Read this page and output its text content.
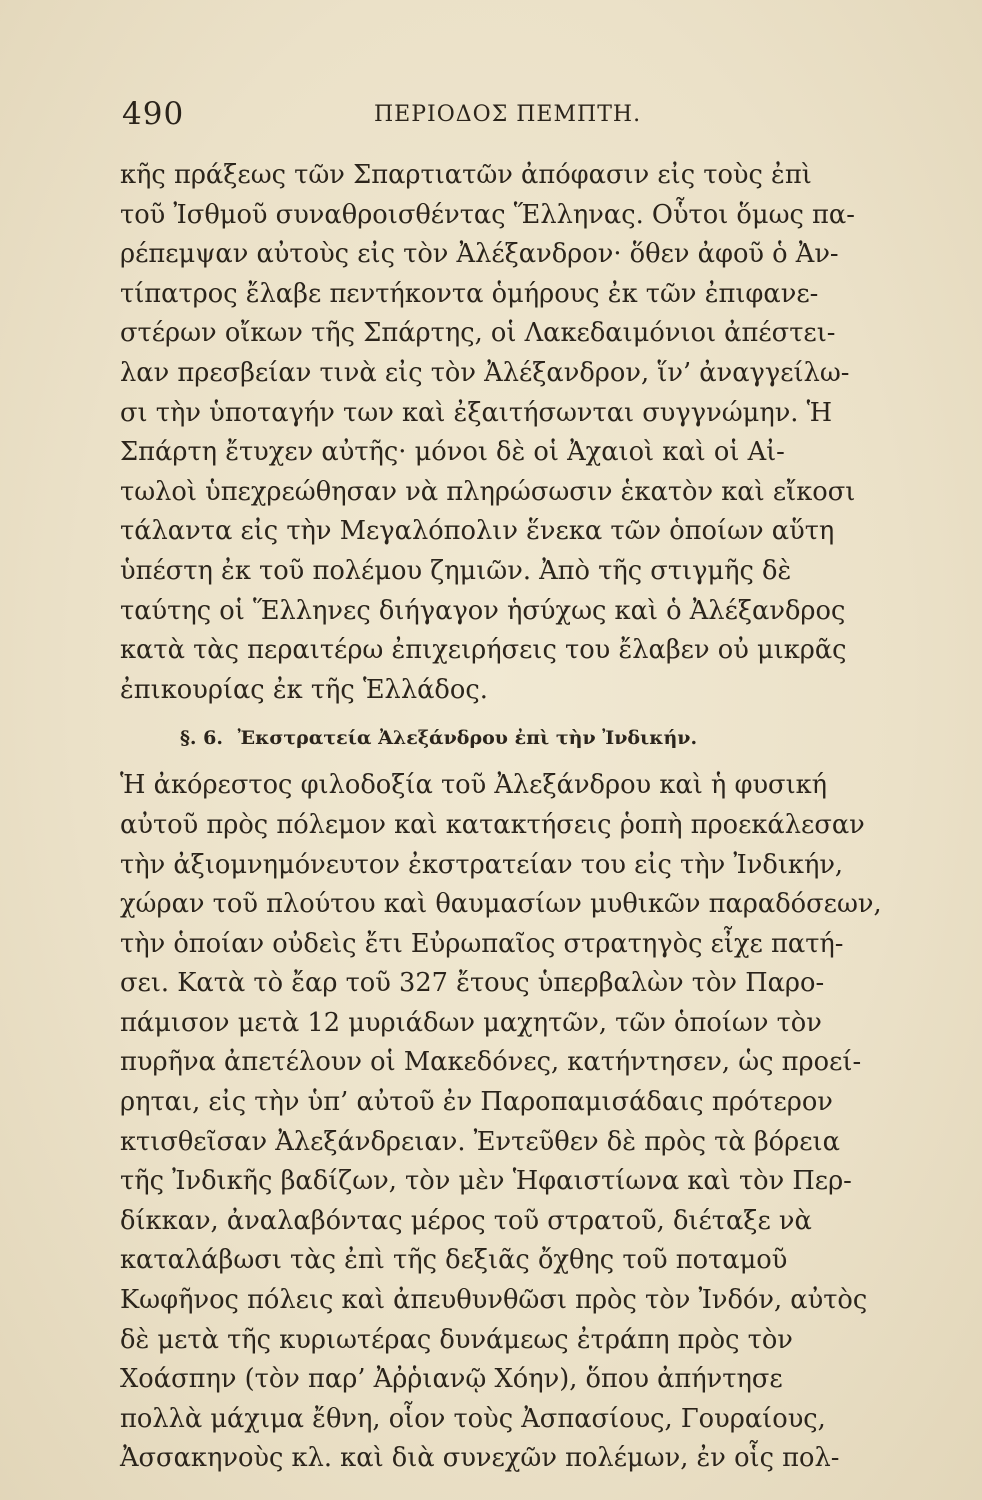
490	ΠΕΡΙΟΔΟΣ ΠΕΜΠΤΗ.
κῆς πράξεως τῶν Σπαρτιατῶν ἀπόφασιν εἰς τοὺς ἐπὶ
τοῦ Ἰσθμοῦ συναθροισθέντας Ἕλληνας. Οὗτοι ὅμως πα-
ρέπεμψαν αὐτοὺς εἰς τὸν Ἀλέξανδρον· ὅθεν ἀφοῦ ὁ Ἀν-
τίπατρος ἔλαβε πεντήκοντα ὁμήρους ἐκ τῶν ἐπιφανε-
στέρων οἴκων τῆς Σπάρτης, οἱ Λακεδαιμόνιοι ἀπέστει-
λαν πρεσβείαν τινὰ εἰς τὸν Ἀλέξανδρον, ἵν’ ἀναγγείλω-
σι τὴν ὑποταγήν των καὶ ἐξαιτήσωνται συγγνώμην. Ἡ
Σπάρτη ἔτυχεν αὐτῆς· μόνοι δὲ οἱ Ἀχαιοὶ καὶ οἱ Αἰ-
τωλοὶ ὑπεχρεώθησαν νὰ πληρώσωσιν ἑκατὸν καὶ εἴκοσι
τάλαντα εἰς τὴν Μεγαλόπολιν ἕνεκα τῶν ὁποίων αὕτη
ὑπέστη ἐκ τοῦ πολέμου ζημιῶν. Ἀπὸ τῆς στιγμῆς δὲ
ταύτης οἱ Ἕλληνες διήγαγον ἡσύχως καὶ ὁ Ἀλέξανδρος
κατὰ τὰς περαιτέρω ἐπιχειρήσεις του ἔλαβεν οὐ μικρᾶς
ἐπικουρίας ἐκ τῆς Ἑλλάδος.
§. 6. Ἐκστρατεία Ἀλεξάνδρου ἐπὶ τὴν Ἰνδικήν.
Ἡ ἀκόρεστος φιλοδοξία τοῦ Ἀλεξάνδρου καὶ ἡ φυσική
αὐτοῦ πρὸς πόλεμον καὶ κατακτήσεις ῥοπὴ προεκάλεσαν
τὴν ἀξιομνημόνευτον ἐκστρατείαν του εἰς τὴν Ἰνδικήν,
χώραν τοῦ πλούτου καὶ θαυμασίων μυθικῶν παραδόσεων,
τὴν ὁποίαν οὐδεὶς ἔτι Εὐρωπαῖος στρατηγὸς εἶχε πατή-
σει. Κατὰ τὸ ἔαρ τοῦ 327 ἔτους ὑπερβαλὼν τὸν Παρο-
πάμισον μετὰ 12 μυριάδων μαχητῶν, τῶν ὁποίων τὸν
πυρῆνα ἀπετέλουν οἱ Μακεδόνες, κατήντησεν, ὡς προεί-
ρηται, εἰς τὴν ὑπ’ αὐτοῦ ἐν Παροπαμισάδαις πρότερον
κτισθεῖσαν Ἀλεξάνδρειαν. Ἐντεῦθεν δὲ πρὸς τὰ βόρεια
τῆς Ἰνδικῆς βαδίζων, τὸν μὲν Ἡφαιστίωνα καὶ τὸν Περ-
δίκκαν, ἀναλαβόντας μέρος τοῦ στρατοῦ, διέταξε νὰ
καταλάβωσι τὰς ἐπὶ τῆς δεξιᾶς ὄχθης τοῦ ποταμοῦ
Κωφῆνος πόλεις καὶ ἀπευθυνθῶσι πρὸς τὸν Ἰνδόν, αὐτὸς
δὲ μετὰ τῆς κυριωτέρας δυνάμεως ἐτράπη πρὸς τὸν
Χοάσπην (τὸν παρ’ Ἀῤῥιανῷ Χόην), ὅπου ἀπήντησε
πολλὰ μάχιμα ἔθνη, οἷον τοὺς Ἀσπασίους, Γουραίους,
Ἀσσακηνοὺς κλ. καὶ διὰ συνεχῶν πολέμων, ἐν οἷς πολ-
